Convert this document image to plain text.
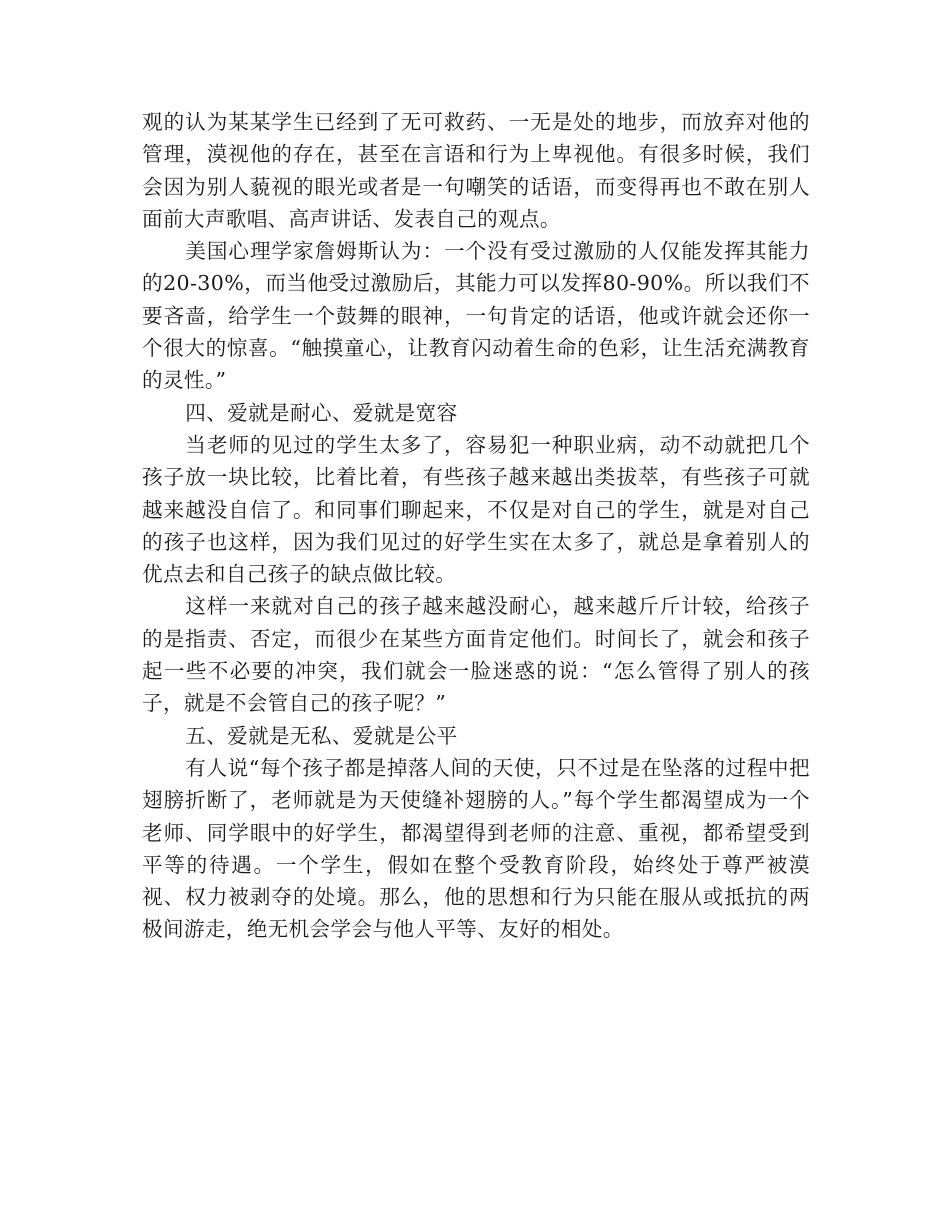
观的认为某某学生已经到了无可救药、一无是处的地步，而放弃对他的管理，漠视他的存在，甚至在言语和行为上卑视他。有很多时候，我们会因为别人藐视的眼光或者是一句嘲笑的话语，而变得再也不敢在别人面前大声歌唱、高声讲话、发表自己的观点。

美国心理学家詹姆斯认为：一个没有受过激励的人仅能发挥其能力的20-30%，而当他受过激励后，其能力可以发挥80-90%。所以我们不要吝啬，给学生一个鼓舞的眼神，一句肯定的话语，他或许就会还你一个很大的惊喜。“触摸童心，让教育闪动着生命的色彩，让生活充满教育的灵性。”

四、爱就是耐心、爱就是宽容

当老师的见过的学生太多了，容易犯一种职业病，动不动就把几个孩子放一块比较，比着比着，有些孩子越来越出类拔萃，有些孩子可就越来越没自信了。和同事们聊起来，不仅是对自己的学生，就是对自己的孩子也这样，因为我们见过的好学生实在太多了，就总是拿着别人的优点去和自己孩子的缺点做比较。

这样一来就对自己的孩子越来越没耐心，越来越斤斤计较，给孩子的是指责、否定，而很少在某些方面肯定他们。时间长了，就会和孩子起一些不必要的冲突，我们就会一脸迷惑的说：“怎么管得了别人的孩子，就是不会管自己的孩子呢？”

五、爱就是无私、爱就是公平

有人说“每个孩子都是掉落人间的天使，只不过是在坠落的过程中把翅膀折断了，老师就是为天使缝补翅膀的人。”每个学生都渴望成为一个老师、同学眼中的好学生，都渴望得到老师的注意、重视，都希望受到平等的待遇。一个学生，假如在整个受教育阶段，始终处于尊严被漠视、权力被剥夺的处境。那么，他的思想和行为只能在服从或抵抗的两极间游走，绝无机会学会与他人平等、友好的相处。
